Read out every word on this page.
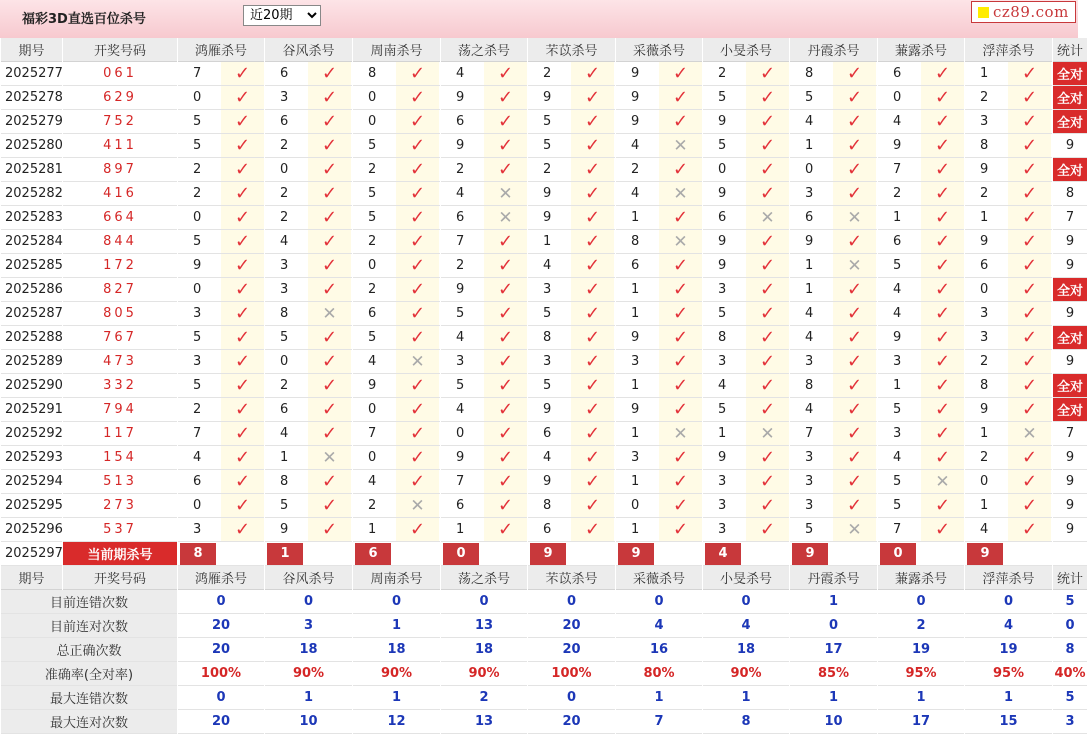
福彩3D直选百位杀号
近20期	cz89.com
期号	开奖号码	鸿雁杀号	谷风杀号	周南杀号	荡之杀号	芣苡杀号	采薇杀号	小旻杀号	丹霞杀号	蒹露杀号	浮萍杀号	统计
2025277	061	7	✓	6	✓	8	✓	4	✓	2	✓	9	✓	2	✓	8	✓	6	✓	1	✓	全对
2025278	629	0	✓	3	✓	0	✓	9	✓	9	✓	9	✓	5	✓	5	✓	0	✓	2	✓	全对
2025279	752	5	✓	6	✓	0	✓	6	✓	5	✓	9	✓	9	✓	4	✓	4	✓	3	✓	全对
2025280	411	5	✓	2	✓	5	✓	9	✓	5	✓	4	✕	5	✓	1	✓	9	✓	8	✓	9
2025281	897	2	✓	0	✓	2	✓	2	✓	2	✓	2	✓	0	✓	0	✓	7	✓	9	✓	全对
2025282	416	2	✓	2	✓	5	✓	4	✕	9	✓	4	✕	9	✓	3	✓	2	✓	2	✓	8
2025283	664	0	✓	2	✓	5	✓	6	✕	9	✓	1	✓	6	✕	6	✕	1	✓	1	✓	7
2025284	844	5	✓	4	✓	2	✓	7	✓	1	✓	8	✕	9	✓	9	✓	6	✓	9	✓	9
2025285	172	9	✓	3	✓	0	✓	2	✓	4	✓	6	✓	9	✓	1	✕	5	✓	6	✓	9
2025286	827	0	✓	3	✓	2	✓	9	✓	3	✓	1	✓	3	✓	1	✓	4	✓	0	✓	全对
2025287	805	3	✓	8	✕	6	✓	5	✓	5	✓	1	✓	5	✓	4	✓	4	✓	3	✓	9
2025288	767	5	✓	5	✓	5	✓	4	✓	8	✓	9	✓	8	✓	4	✓	9	✓	3	✓	全对
2025289	473	3	✓	0	✓	4	✕	3	✓	3	✓	3	✓	3	✓	3	✓	3	✓	2	✓	9
2025290	332	5	✓	2	✓	9	✓	5	✓	5	✓	1	✓	4	✓	8	✓	1	✓	8	✓	全对
2025291	794	2	✓	6	✓	0	✓	4	✓	9	✓	9	✓	5	✓	4	✓	5	✓	9	✓	全对
2025292	117	7	✓	4	✓	7	✓	0	✓	6	✓	1	✕	1	✕	7	✓	3	✓	1	✕	7
2025293	154	4	✓	1	✕	0	✓	9	✓	4	✓	3	✓	9	✓	3	✓	4	✓	2	✓	9
2025294	513	6	✓	8	✓	4	✓	7	✓	9	✓	1	✓	3	✓	3	✓	5	✕	0	✓	9
2025295	273	0	✓	5	✓	2	✕	6	✓	8	✓	0	✓	3	✓	3	✓	5	✓	1	✓	9
2025296	537	3	✓	9	✓	1	✓	1	✓	6	✓	1	✓	3	✓	5	✕	7	✓	4	✓	9
2025297	当前期杀号	8	1	6	0	9	9	4	9	0	9
期号	开奖号码	鸿雁杀号	谷风杀号	周南杀号	荡之杀号	芣苡杀号	采薇杀号	小旻杀号	丹霞杀号	蒹露杀号	浮萍杀号	统计
目前连错次数	0	0	0	0	0	0	0	1	0	0	5
目前连对次数	20	3	1	13	20	4	4	0	2	4	0
总正确次数	20	18	18	18	20	16	18	17	19	19	8
准确率(全对率)	100%	90%	90%	90%	100%	80%	90%	85%	95%	95%	40%
最大连错次数	0	1	1	2	0	1	1	1	1	1	5
最大连对次数	20	10	12	13	20	7	8	10	17	15	3
